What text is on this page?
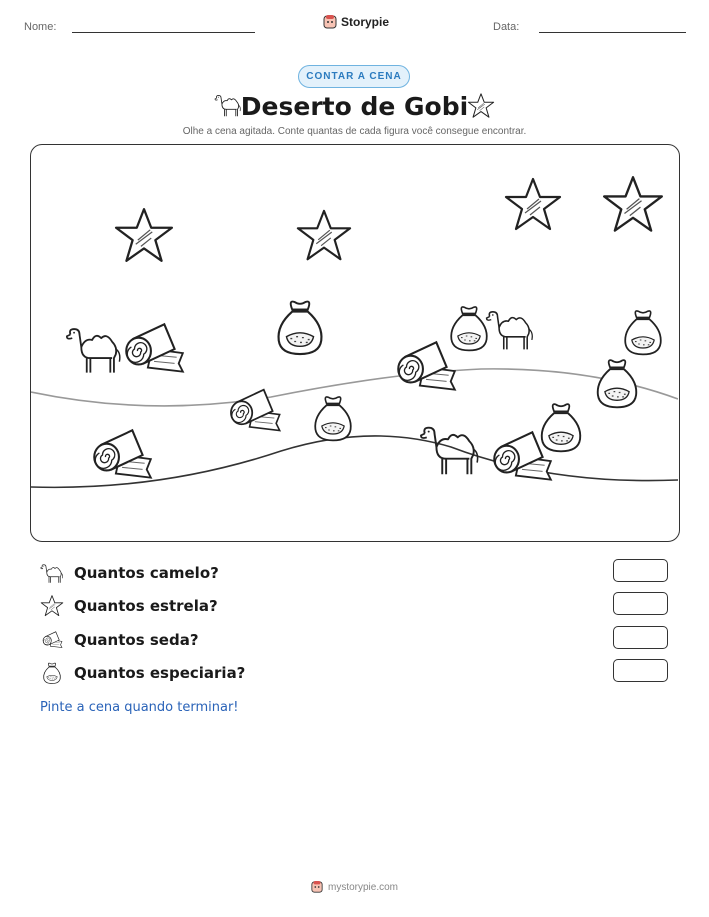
Nome:	Storypie	Data:
CONTAR A CENA
Deserto de Gobi
Olhe a cena agitada. Conte quantas de cada figura você consegue encontrar.
Quantos camelo?
Quantos estrela?
Quantos seda?
Quantos especiaria?
Pinte a cena quando terminar!
mystorypie.com
